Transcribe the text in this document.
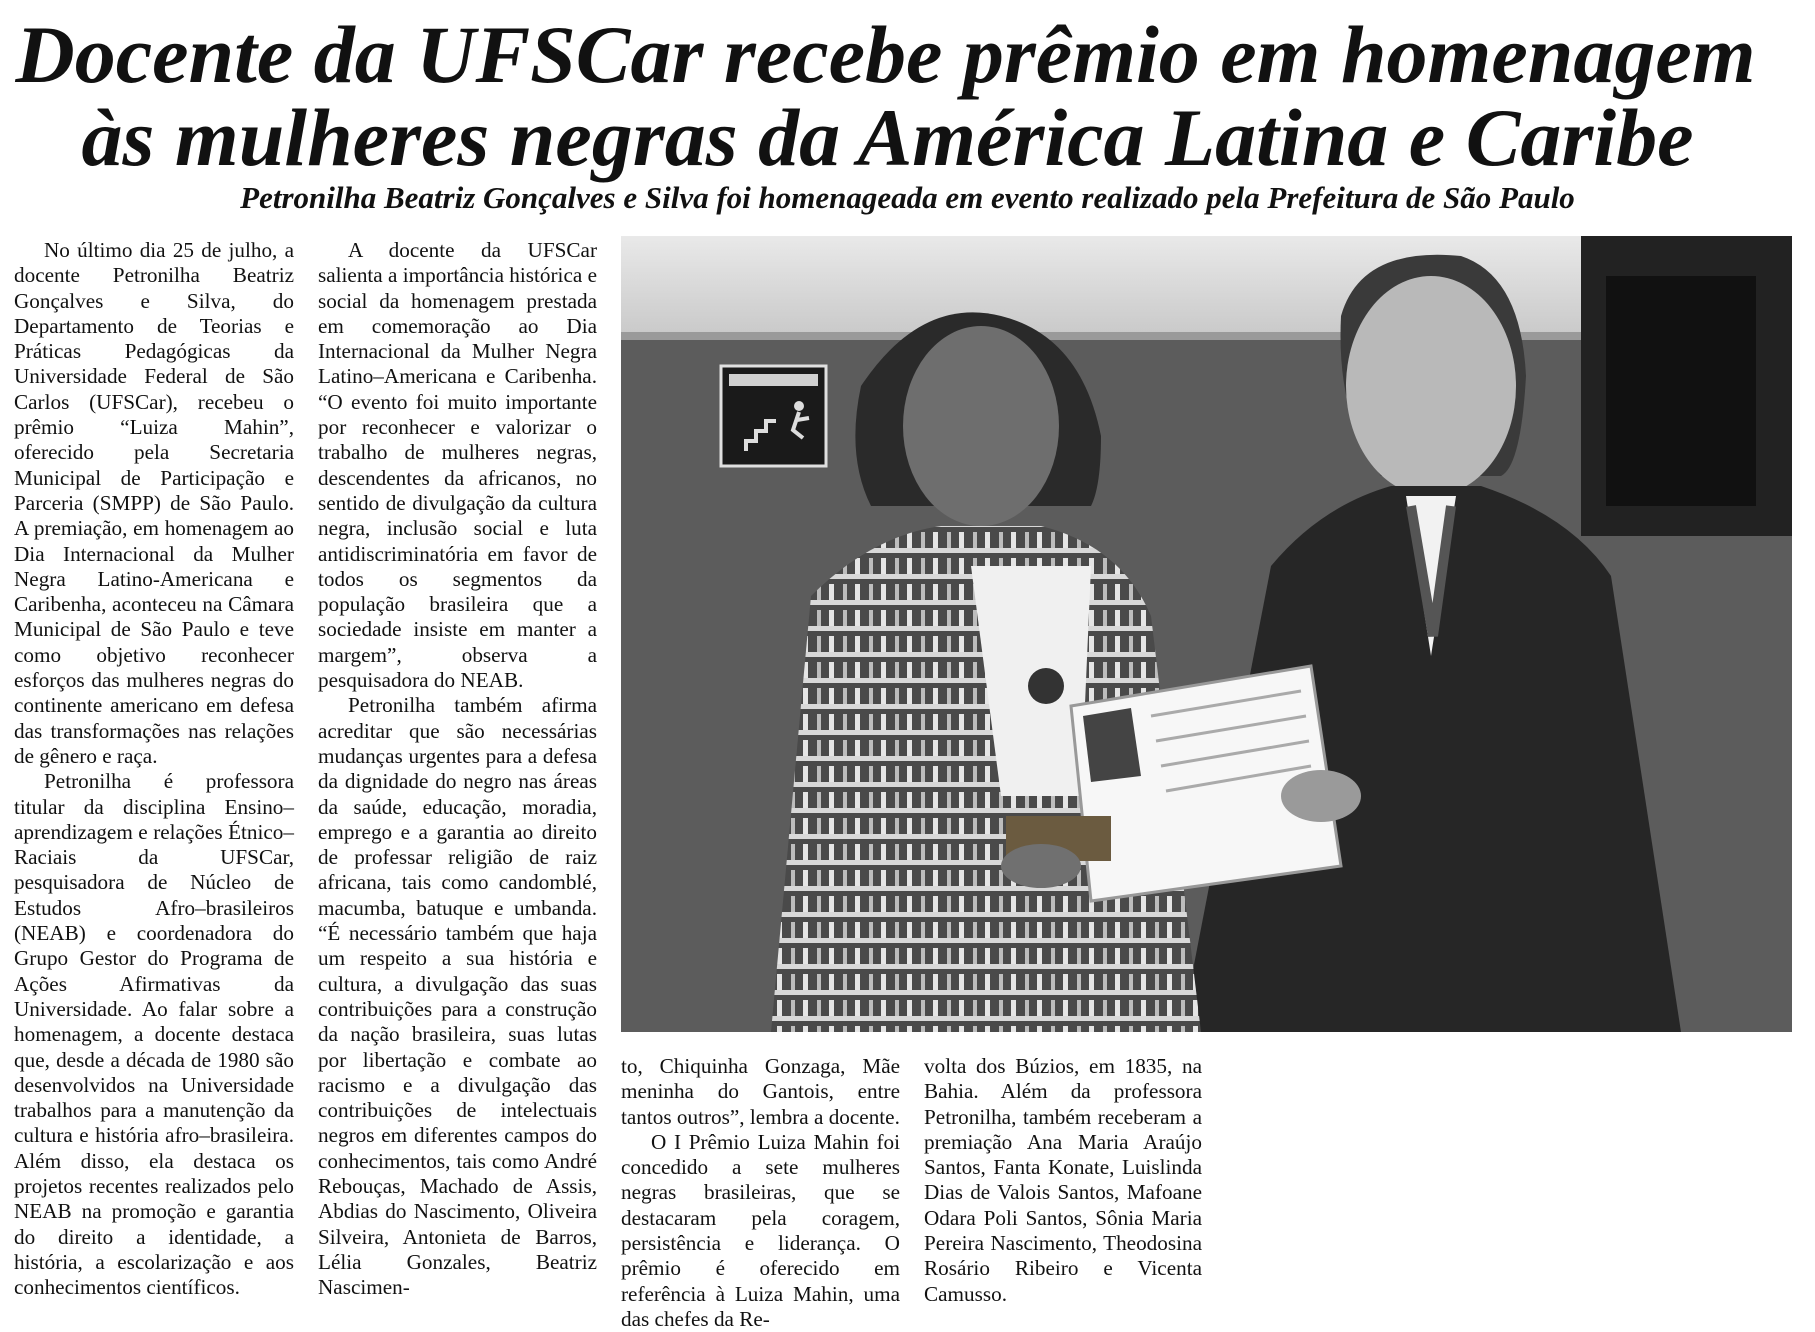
Docente da UFSCar recebe prêmio em homenagem
às mulheres negras da América Latina e Caribe
Petronilha Beatriz Gonçalves e Silva foi homenageada em evento realizado pela Prefeitura de São Paulo

No último dia 25 de julho, a docente Petronilha Beatriz Gonçalves e Silva, do Departamento de Teorias e Práticas Pedagógicas da Universidade Federal de São Carlos (UFSCar), recebeu o prêmio “Luiza Mahin”, oferecido pela Secretaria Municipal de Participação e Parceria (SMPP) de São Paulo. A premiação, em homenagem ao Dia Internacional da Mulher Negra Latino-Americana e Caribenha, aconteceu na Câmara Municipal de São Paulo e teve como objetivo reconhecer esforços das mulheres negras do continente americano em defesa das transformações nas relações de gênero e raça.

Petronilha é professora titular da disciplina Ensino–aprendizagem e relações Étnico–Raciais da UFSCar, pesquisadora de Núcleo de Estudos Afro–brasileiros (NEAB) e coordenadora do Grupo Gestor do Programa de Ações Afirmativas da Universidade. Ao falar sobre a homenagem, a docente destaca que, desde a década de 1980 são desenvolvidos na Universidade trabalhos para a manutenção da cultura e história afro–brasileira. Além disso, ela destaca os projetos recentes realizados pelo NEAB na promoção e garantia do direito a identidade, a história, a escolarização e aos conhecimentos científicos.

A docente da UFSCar salienta a importância histórica e social da homenagem prestada em comemoração ao Dia Internacional da Mulher Negra Latino–Americana e Caribenha. “O evento foi muito importante por reconhecer e valorizar o trabalho de mulheres negras, descendentes da africanos, no sentido de divulgação da cultura negra, inclusão social e luta antidiscriminatória em favor de todos os segmentos da população brasileira que a sociedade insiste em manter a margem”, observa a pesquisadora do NEAB.

Petronilha também afirma acreditar que são necessárias mudanças urgentes para a defesa da dignidade do negro nas áreas da saúde, educação, moradia, emprego e a garantia ao direito de professar religião de raiz africana, tais como candomblé, macumba, batuque e umbanda. “É necessário também que haja um respeito a sua história e cultura, a divulgação das suas contribuições para a construção da nação brasileira, suas lutas por libertação e combate ao racismo e a divulgação das contribuições de intelectuais negros em diferentes campos do conhecimentos, tais como André Rebouças, Machado de Assis, Abdias do Nascimento, Oliveira Silveira, Antonieta de Barros, Lélia Gonzales, Beatriz Nascimen-

to, Chiquinha Gonzaga, Mãe meninha do Gantois, entre tantos outros”, lembra a docente.

O I Prêmio Luiza Mahin foi concedido a sete mulheres negras brasileiras, que se destacaram pela coragem, persistência e liderança. O prêmio é oferecido em referência à Luiza Mahin, uma das chefes da Re-

volta dos Búzios, em 1835, na Bahia. Além da professora Petronilha, também receberam a premiação Ana Maria Araújo Santos, Fanta Konate, Luislinda Dias de Valois Santos, Mafoane Odara Poli Santos, Sônia Maria Pereira Nascimento, Theodosina Rosário Ribeiro e Vicenta Camusso.
